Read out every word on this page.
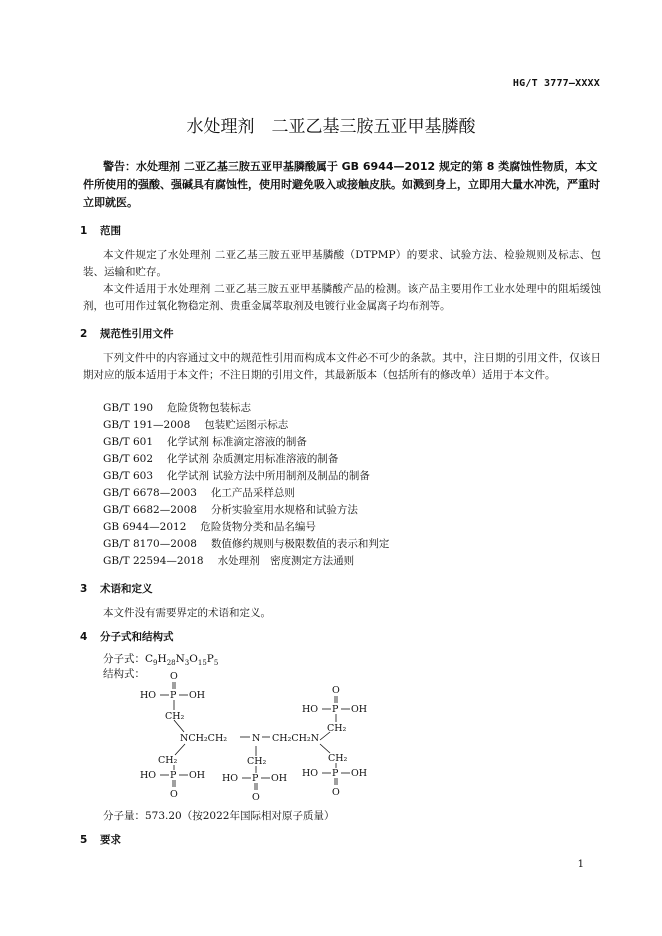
HG/T 3777—XXXX
水处理剂　二亚乙基三胺五亚甲基膦酸
警告：水处理剂 二亚乙基三胺五亚甲基膦酸属于 GB 6944—2012 规定的第 8 类腐蚀性物质，本文件所使用的强酸、强碱具有腐蚀性，使用时避免吸入或接触皮肤。如溅到身上，立即用大量水冲洗，严重时立即就医。
1 范围
本文件规定了水处理剂 二亚乙基三胺五亚甲基膦酸（DTPMP）的要求、试验方法、检验规则及标志、包装、运输和贮存。
本文件适用于水处理剂 二亚乙基三胺五亚甲基膦酸产品的检测。该产品主要用作工业水处理中的阻垢缓蚀剂，也可用作过氧化物稳定剂、贵重金属萃取剂及电镀行业金属离子均布剂等。
2 规范性引用文件
下列文件中的内容通过文中的规范性引用而构成本文件必不可少的条款。其中，注日期的引用文件，仅该日期对应的版本适用于本文件；不注日期的引用文件，其最新版本（包括所有的修改单）适用于本文件。
GB/T 190 危险货物包装标志
GB/T 191—2008 包装贮运图示标志
GB/T 601 化学试剂 标准滴定溶液的制备
GB/T 602 化学试剂 杂质测定用标准溶液的制备
GB/T 603 化学试剂 试验方法中所用制剂及制品的制备
GB/T 6678—2003 化工产品采样总则
GB/T 6682—2008 分析实验室用水规格和试验方法
GB 6944—2012 危险货物分类和品名编号
GB/T 8170—2008 数值修约规则与极限数值的表示和判定
GB/T 22594—2018 水处理剂　密度测定方法通则
3 术语和定义
本文件没有需要界定的术语和定义。
4 分子式和结构式
分子式：$C_9H_{28}N_3O_{15}P_5$
结构式：	O
HO P OH
CH₂
NCH₂CH₂	N CH₂CH₂N
O
HO P OH
CH₂
CH₂
HO P OH
O
CH₂
HO P OH
O
CH₂
HO P OH
O
分子量：573.20（按2022年国际相对原子质量）
5 要求
1
